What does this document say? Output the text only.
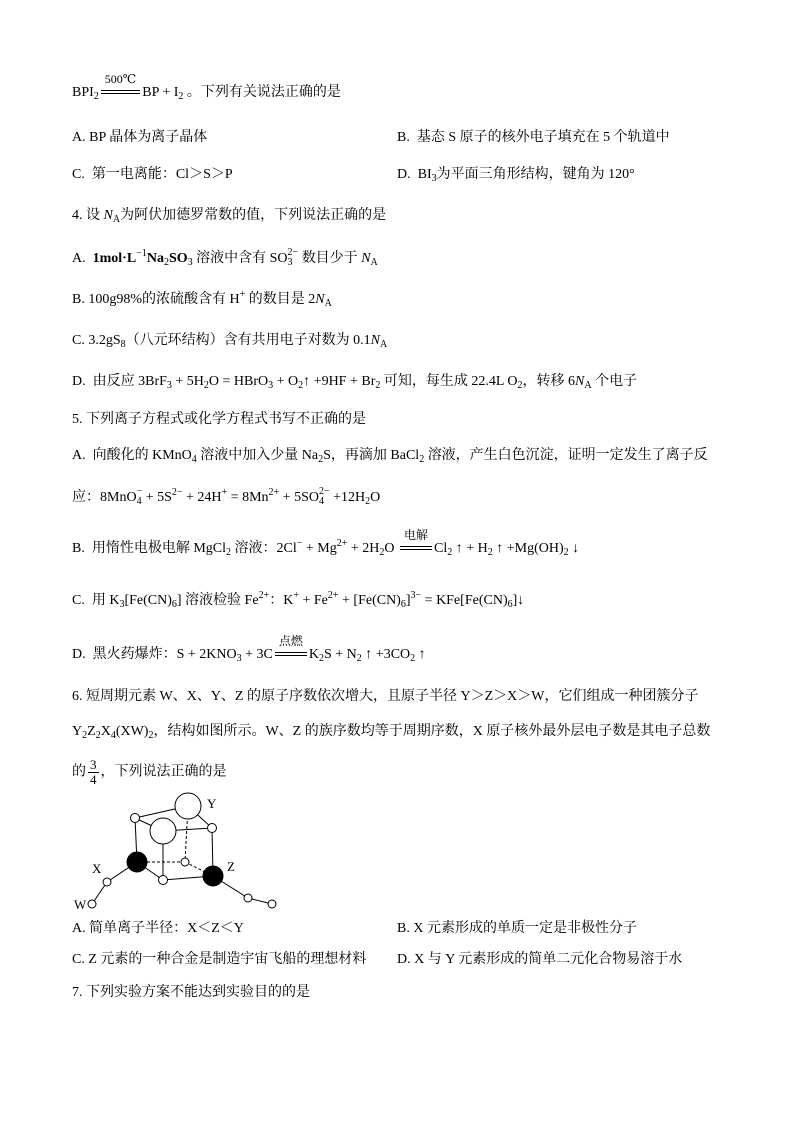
$BPI_2500℃$
BP + $I_2$ 。下列有关说法正确的是
A. BP 晶体为离子晶体	B.  基态 S 原子的核外电子填充在 5 个轨道中
C.  第一电离能：Cl＞S＞P	D.  $BI_3$为平面三角形结构，键角为 120°
4. 设 $N_A$为阿伏加德罗常数的值，下列说法正确的是
A.  $1mol\cdot L^{-1}Na_2SO_3$ 溶液中含有 SO 2−
3 数目少于 $N_A$
B. 100g98%的浓硫酸含有 H+ 的数目是 $2N_A$
C. $3.2gS_8$（八元环结构）含有共用电子对数为 $0.1N_A$
D.  由反应 $3BrF_3 + 5H_2O$ = HBrO$_3$ + $O_2↑ +9HF + Br_2$ 可知，每生成 22.4L $O_2$，转移 $6N_A$ 个电子
5. 下列离子方程式或化学方程式书写不正确的是
A.  向酸化的 KMnO$_4$ 溶液中加入少量 $Na_2S$，再滴加 BaCl$_2$ 溶液，产生白色沉淀，证明一定发生了离子反
应：8MnO −
$4 + 5S^{2-} + 24H^+ = 8Mn^{2+} + 5SO$ 2−
$4 +12H_2O$
B.  用惰性电极电解 MgCl$_2$ 溶液：$2Cl^- + Mg^{2+} + 2H_2O$ 电解
$Cl_2$ ↑ + $H_2$ ↑ $+Mg(OH)_2$ ↓
C.  用 $K_3[Fe(CN)_6]$ 溶液检验 $Fe^{2+}$：$K^+ + Fe^{2+} + [Fe(CN)_6]^{3-}$ = $KFe[Fe(CN)_6]↓$
D.  黑火药爆炸：$S + 2KNO_3 + 3C$点燃
$K_2S + N_2$ ↑ $+3CO_2$ ↑
6. 短周期元素 W、X、Y、Z 的原子序数依次增大，且原子半径 Y＞Z＞X＞W，它们组成一种团簇分子
$Y_2Z_2X_4(XW)_2$，结构如图所示。W、Z 的族序数均等于周期序数，X 原子核外最外层电子数是其电子总数
的 $\frac{3}{4}$ ，下列说法正确的是
Y
X	Z
W
A. 简单离子半径：X＜Z＜Y	B. X 元素形成的单质一定是非极性分子
C. Z 元素的一种合金是制造宇宙飞船的理想材料 D. X 与 Y 元素形成的简单二元化合物易溶于水
7. 下列实验方案不能达到实验目的的是
